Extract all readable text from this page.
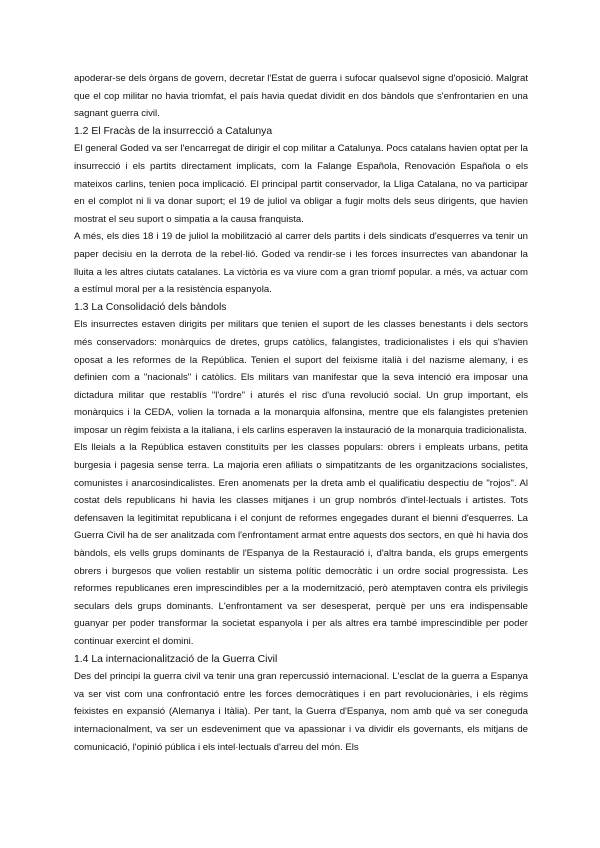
apoderar-se dels òrgans de govern, decretar l'Estat de guerra i sufocar qualsevol signe d'oposició. Malgrat que el cop militar no havia triomfat, el país havia quedat dividit en dos bàndols que s'enfrontarien en una sagnant guerra civil.

1.2 El Fracàs de la insurrecció a Catalunya

El general Goded va ser l'encarregat de dirigir el cop militar a Catalunya. Pocs catalans havien optat per la insurrecció i els partits directament implicats, com la Falange Española, Renovación Española o els mateixos carlins, tenien poca implicació. El principal partit conservador, la Lliga Catalana, no va participar en el complot ni li va donar suport; el 19 de juliol va obligar a fugir molts dels seus dirigents, que havien mostrat el seu suport o simpatia a la causa franquista.

A més, els dies 18 i 19 de juliol la mobilització al carrer dels partits i dels sindicats d'esquerres va tenir un paper decisiu en la derrota de la rebel·lió. Goded va rendir-se i les forces insurrectes van abandonar la lluita a les altres ciutats catalanes. La victòria es va viure com a gran triomf popular. a més, va actuar com a estímul moral per a la resistència espanyola.

1.3 La Consolidació dels bàndols

Els insurrectes estaven dirigits per militars que tenien el suport de les classes benestants i dels sectors més conservadors: monàrquics de dretes, grups catòlics, falangistes, tradicionalistes i els qui s'havien oposat a les reformes de la República. Tenien el suport del feixisme italià i del nazisme alemany, i es definien com a "nacionals" i catòlics. Els militars van manifestar que la seva intenció era imposar una dictadura militar que restablís "l'ordre" i aturés el risc d'una revolució social. Un grup important, els monàrquics i la CEDA, volien la tornada a la monarquia alfonsina, mentre que els falangistes pretenien imposar un règim feixista a la italiana, i els carlins esperaven la instauració de la monarquia tradicionalista.

Els lleials a la República estaven constituïts per les classes populars: obrers i empleats urbans, petita burgesia i pagesia sense terra. La majoria eren afiliats o simpatitzants de les organitzacions socialistes, comunistes i anarcosindicalistes. Eren anomenats per la dreta amb el qualificatiu despectiu de "rojos". Al costat dels republicans hi havia les classes mitjanes i un grup nombrós d'intel·lectuals i artistes. Tots defensaven la legitimitat republicana i el conjunt de reformes engegades durant el bienni d'esquerres. La Guerra Civil ha de ser analitzada com l'enfrontament armat entre aquests dos sectors, en què hi havia dos bàndols, els vells grups dominants de l'Espanya de la Restauració i, d'altra banda, els grups emergents obrers i burgesos que volien restablir un sistema polític democràtic i un ordre social progressista. Les reformes republicanes eren imprescindibles per a la modernització, però atemptaven contra els privilegis seculars dels grups dominants. L'enfrontament va ser desesperat, perquè per uns era indispensable guanyar per poder transformar la societat espanyola i per als altres era també imprescindible per poder continuar exercint el domini.

1.4 La internacionalització de la Guerra Civil

Des del principi la guerra civil va tenir una gran repercussió internacional. L'esclat de la guerra a Espanya va ser vist com una confrontació entre les forces democràtiques i en part revolucionàries, i els règims feixistes en expansió (Alemanya i Itàlia). Per tant, la Guerra d'Espanya, nom amb què va ser coneguda internacionalment, va ser un esdeveniment que va apassionar i va dividir els governants, els mitjans de comunicació, l'opinió pública i els intel·lectuals d'arreu del món. Els
